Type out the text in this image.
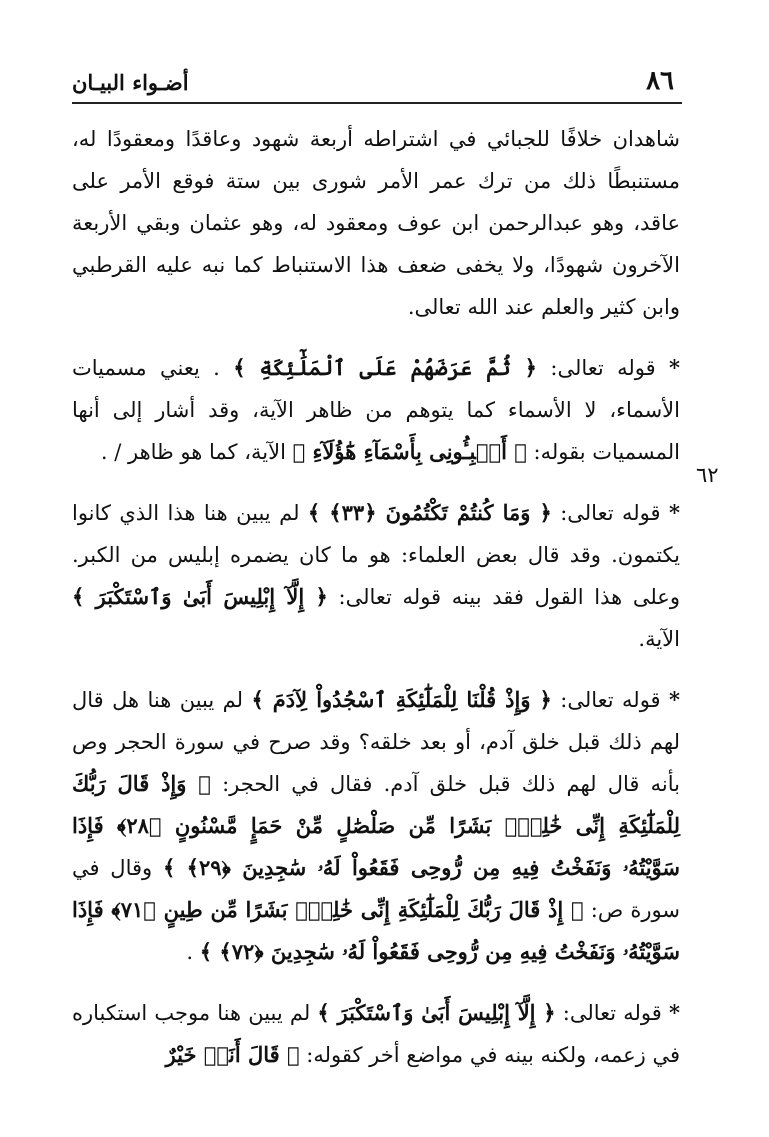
٨٦
أضـواء البيـان
٦٢

شاهدان خلافًا للجبائي في اشتراطه أربعة شهود وعاقدًا ومعقودًا له، مستنبطًا ذلك من ترك عمر الأمر شورى بين ستة فوقع الأمر على عاقد، وهو عبدالرحمن ابن عوف ومعقود له، وهو عثمان وبقي الأربعة الآخرون شهودًا، ولا يخفى ضعف هذا الاستنباط كما نبه عليه القرطبي وابن كثير والعلم عند الله تعالى.

* قوله تعالى: ﴿ ثُمَّ عَرَضَهُمْ عَلَى ٱلْمَلَٰٓئِكَةِ ﴾ . يعني مسميات الأسماء، لا الأسماء كما يتوهم من ظاهر الآية، وقد أشار إلى أنها المسميات بقوله: ﴿ أَنۢبِـُٔونِى بِأَسْمَآءِ هَٰٓؤُلَآءِ ﴾ الآية، كما هو ظاهر / .

* قوله تعالى: ﴿ وَمَا كُنتُمْ تَكْتُمُونَ ﴿٣٣﴾ ﴾ لم يبين هنا هذا الذي كانوا يكتمون. وقد قال بعض العلماء: هو ما كان يضمره إبليس من الكبر. وعلى هذا القول فقد بينه قوله تعالى: ﴿ إِلَّآ إِبْلِيسَ أَبَىٰ وَٱسْتَكْبَرَ ﴾ الآية.

* قوله تعالى: ﴿ وَإِذْ قُلْنَا لِلْمَلَٰٓئِكَةِ ٱسْجُدُواْ لِآدَمَ ﴾ لم يبين هنا هل قال لهم ذلك قبل خلق آدم، أو بعد خلقه؟ وقد صرح في سورة الحجر وص بأنه قال لهم ذلك قبل خلق آدم. فقال في الحجر: ﴿ وَإِذْ قَالَ رَبُّكَ لِلْمَلَٰٓئِكَةِ إِنِّى خَٰلِقٌۢ بَشَرًا مِّن صَلْصَٰلٍ مِّنْ حَمَإٍ مَّسْنُونٍ ﴿٢٨﴾ فَإِذَا سَوَّيْتُهُۥ وَنَفَخْتُ فِيهِ مِن رُّوحِى فَقَعُواْ لَهُۥ سَٰجِدِينَ ﴿٢٩﴾ ﴾ وقال في سورة ص: ﴿ إِذْ قَالَ رَبُّكَ لِلْمَلَٰٓئِكَةِ إِنِّى خَٰلِقٌۢ بَشَرًا مِّن طِينٍ ﴿٧١﴾ فَإِذَا سَوَّيْتُهُۥ وَنَفَخْتُ فِيهِ مِن رُّوحِى فَقَعُواْ لَهُۥ سَٰجِدِينَ ﴿٧٢﴾ ﴾ .

* قوله تعالى: ﴿ إِلَّآ إِبْلِيسَ أَبَىٰ وَٱسْتَكْبَرَ ﴾ لم يبين هنا موجب استكباره في زعمه، ولكنه بينه في مواضع أخر كقوله: ﴿ قَالَ أَنَا۠ خَيْرٌ
